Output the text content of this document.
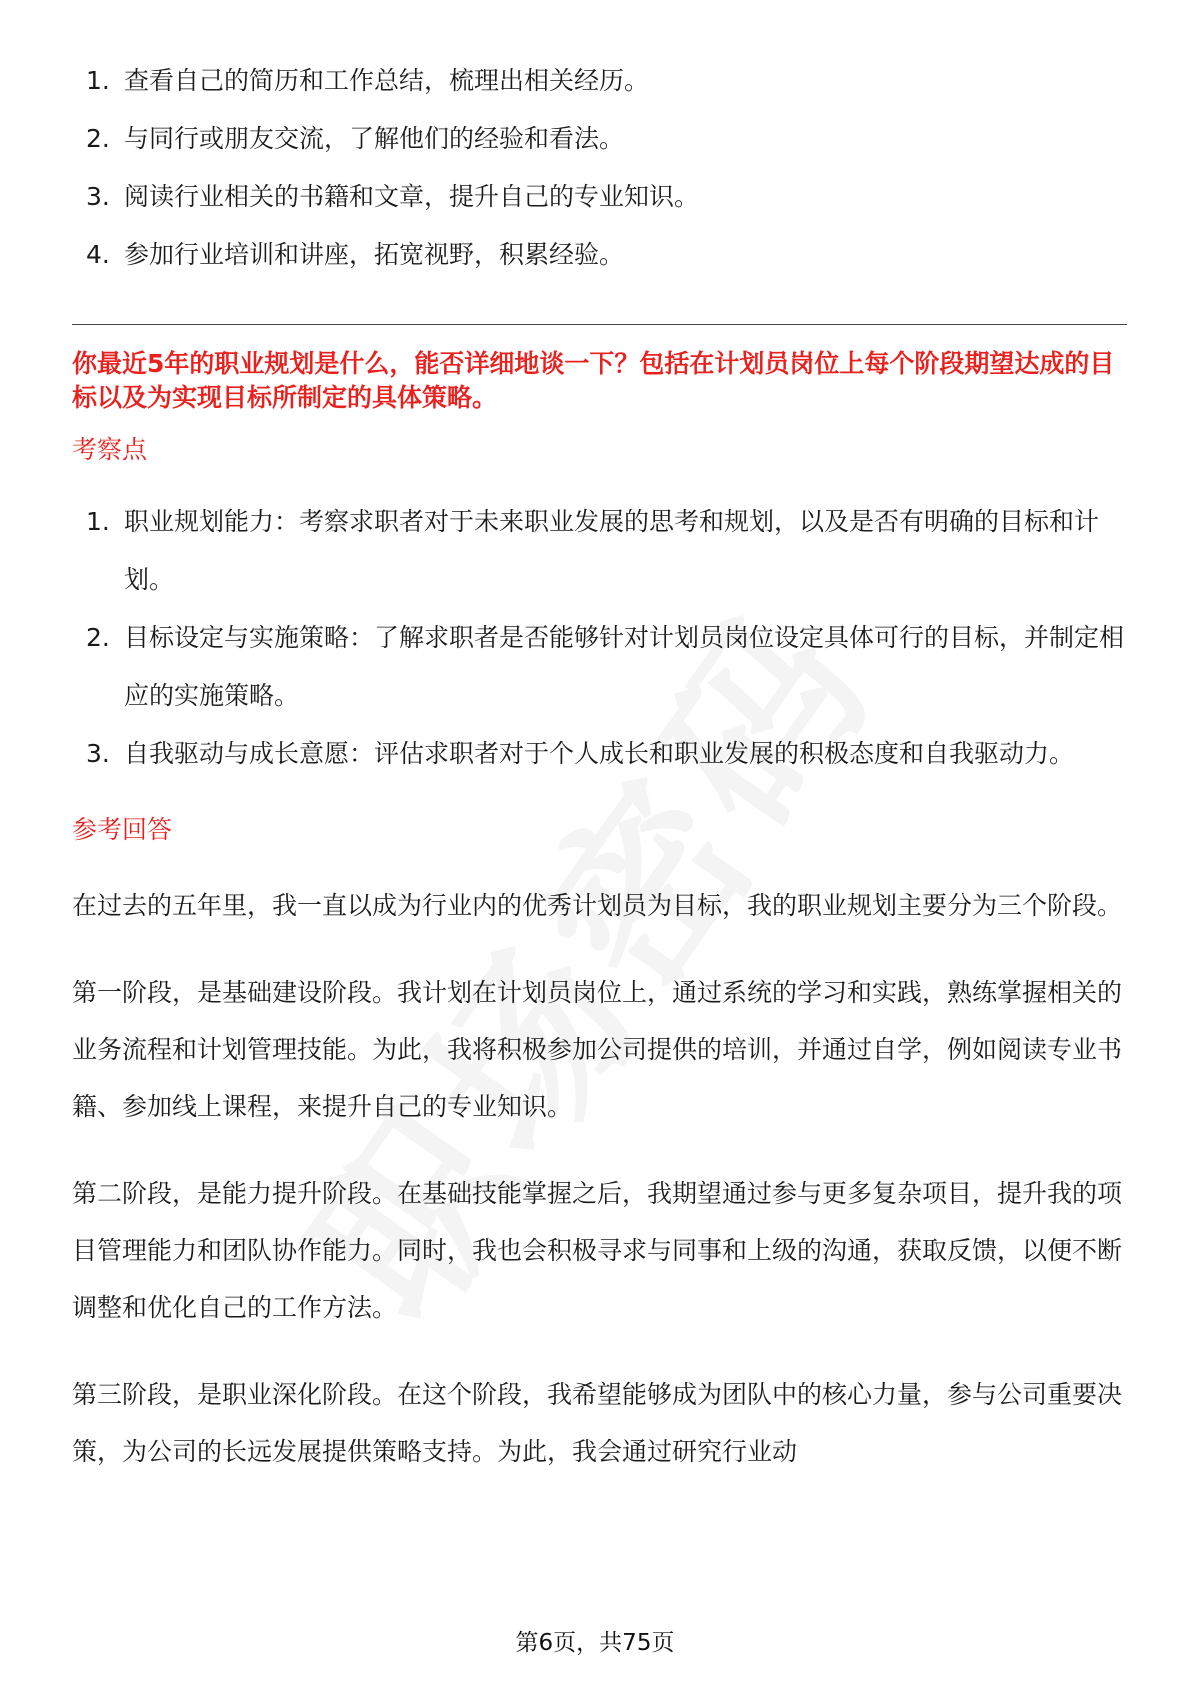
1. 查看自己的简历和工作总结，梳理出相关经历。
2. 与同行或朋友交流，了解他们的经验和看法。
3. 阅读行业相关的书籍和文章，提升自己的专业知识。
4. 参加行业培训和讲座，拓宽视野，积累经验。

你最近5年的职业规划是什么，能否详细地谈一下？包括在计划员岗位上每个阶段期望达成的目标以及为实现目标所制定的具体策略。

考察点
1. 职业规划能力：考察求职者对于未来职业发展的思考和规划，以及是否有明确的目标和计划。
2. 目标设定与实施策略：了解求职者是否能够针对计划员岗位设定具体可行的目标，并制定相应的实施策略。
3. 自我驱动与成长意愿：评估求职者对于个人成长和职业发展的积极态度和自我驱动力。
参考回答

在过去的五年里，我一直以成为行业内的优秀计划员为目标，我的职业规划主要分为三个阶段。

第一阶段，是基础建设阶段。我计划在计划员岗位上，通过系统的学习和实践，熟练掌握相关的业务流程和计划管理技能。为此，我将积极参加公司提供的培训，并通过自学，例如阅读专业书籍、参加线上课程，来提升自己的专业知识。

第二阶段，是能力提升阶段。在基础技能掌握之后，我期望通过参与更多复杂项目，提升我的项目管理能力和团队协作能力。同时，我也会积极寻求与同事和上级的沟通，获取反馈，以便不断调整和优化自己的工作方法。

第三阶段，是职业深化阶段。在这个阶段，我希望能够成为团队中的核心力量，参与公司重要决策，为公司的长远发展提供策略支持。为此，我会通过研究行业动

第6页，共75页
